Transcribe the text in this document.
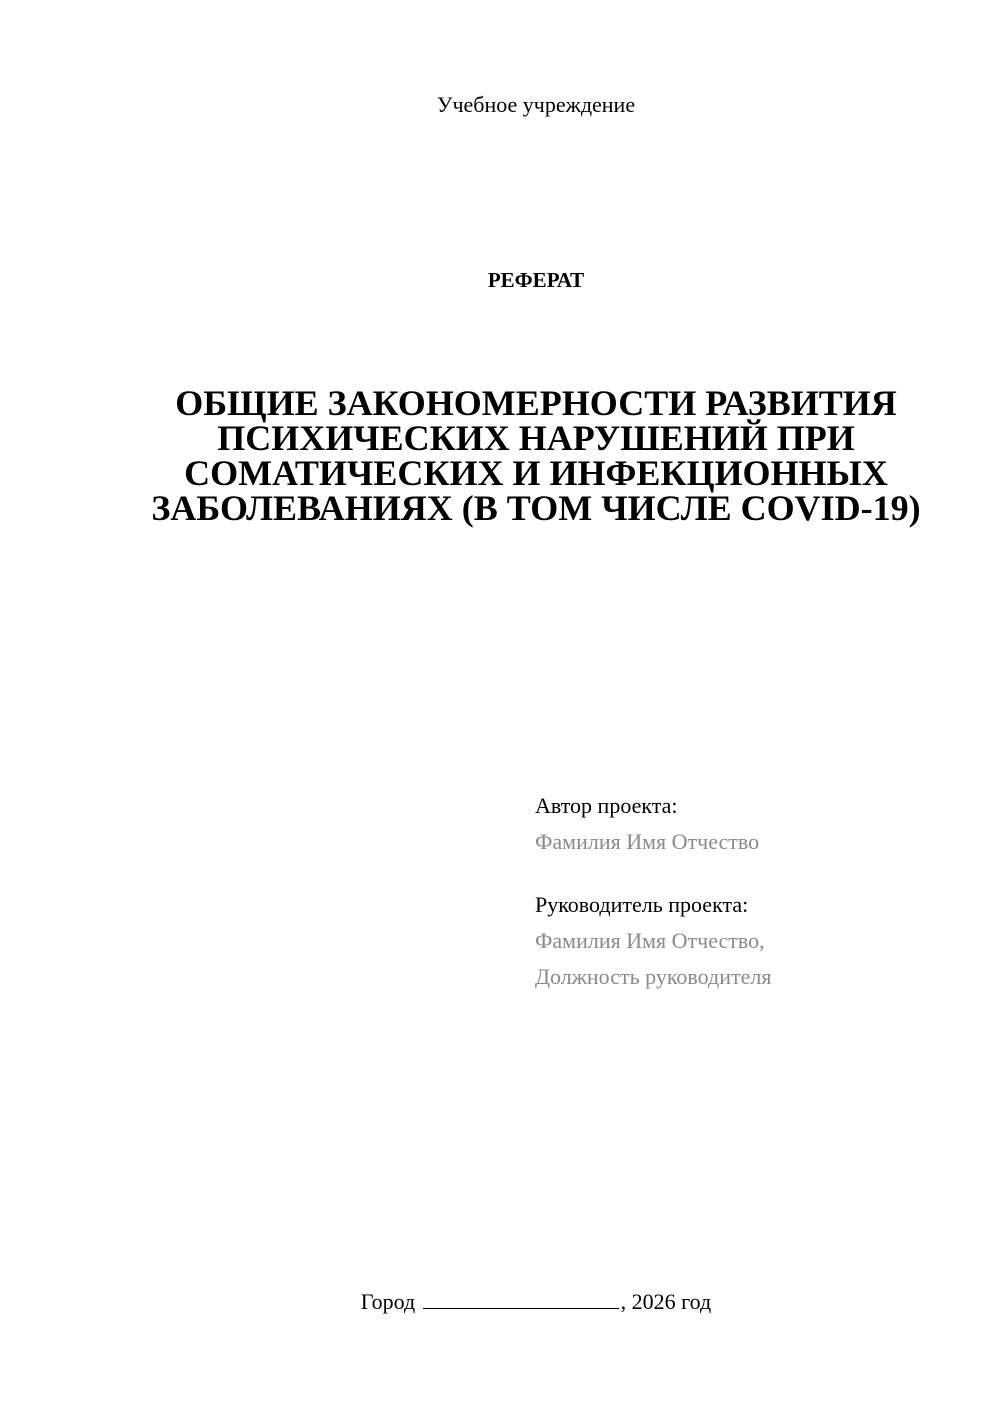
Учебное учреждение
РЕФЕРАТ
ОБЩИЕ ЗАКОНОМЕРНОСТИ РАЗВИТИЯ ПСИХИЧЕСКИХ НАРУШЕНИЙ ПРИ СОМАТИЧЕСКИХ И ИНФЕКЦИОННЫХ ЗАБОЛЕВАНИЯХ (В ТОМ ЧИСЛЕ COVID-19)
Автор проекта:
Фамилия Имя Отчество
Руководитель проекта:
Фамилия Имя Отчество,
Должность руководителя
Город	, 2026 год
